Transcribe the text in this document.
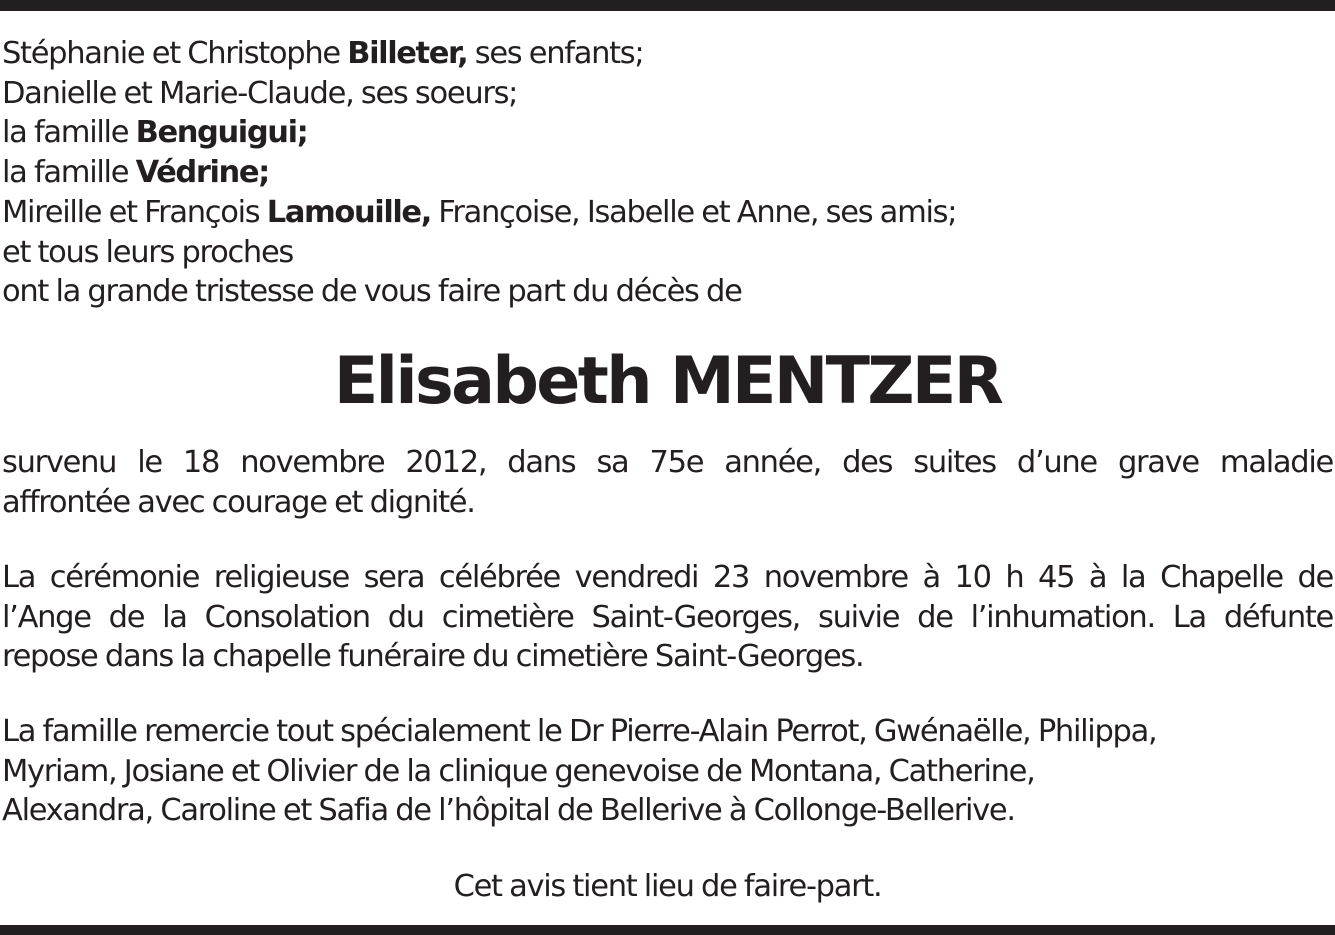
Stéphanie et Christophe Billeter, ses enfants;
Danielle et Marie-Claude, ses soeurs;
la famille Benguigui;
la famille Védrine;
Mireille et François Lamouille, Françoise, Isabelle et Anne, ses amis;
et tous leurs proches
ont la grande tristesse de vous faire part du décès de
Elisabeth MENTZER
survenu le 18 novembre 2012, dans sa 75e année, des suites d’une grave maladie
affrontée avec courage et dignité.
La cérémonie religieuse sera célébrée vendredi 23 novembre à 10 h 45 à la Chapelle de
l’Ange de la Consolation du cimetière Saint-Georges, suivie de l’inhumation. La défunte
repose dans la chapelle funéraire du cimetière Saint-Georges.
La famille remercie tout spécialement le Dr Pierre-Alain Perrot, Gwénaëlle, Philippa,
Myriam, Josiane et Olivier de la clinique genevoise de Montana, Catherine,
Alexandra, Caroline et Safia de l’hôpital de Bellerive à Collonge-Bellerive.
Cet avis tient lieu de faire-part.
